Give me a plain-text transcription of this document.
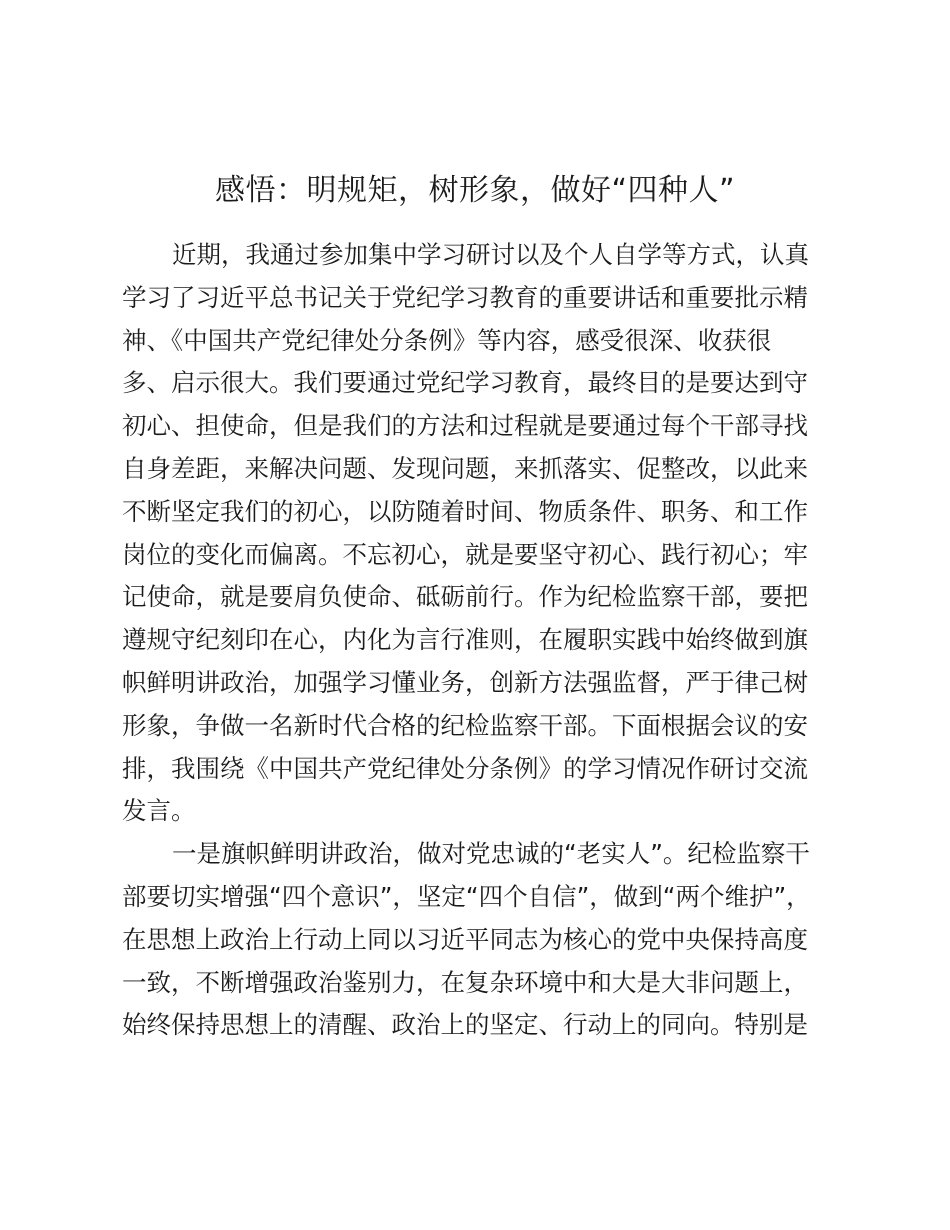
感悟：明规矩，树形象，做好“四种人”
近期，我通过参加集中学习研讨以及个人自学等方式，认真
学习了习近平总书记关于党纪学习教育的重要讲话和重要批示精
神、《中国共产党纪律处分条例》等内容，感受很深、收获很
多、启示很大。我们要通过党纪学习教育，最终目的是要达到守
初心、担使命，但是我们的方法和过程就是要通过每个干部寻找
自身差距，来解决问题、发现问题，来抓落实、促整改，以此来
不断坚定我们的初心，以防随着时间、物质条件、职务、和工作
岗位的变化而偏离。不忘初心，就是要坚守初心、践行初心；牢
记使命，就是要肩负使命、砥砺前行。作为纪检监察干部，要把
遵规守纪刻印在心，内化为言行准则，在履职实践中始终做到旗
帜鲜明讲政治，加强学习懂业务，创新方法强监督，严于律己树
形象，争做一名新时代合格的纪检监察干部。下面根据会议的安
排，我围绕《中国共产党纪律处分条例》的学习情况作研讨交流
发言。
一是旗帜鲜明讲政治，做对党忠诚的“老实人”。纪检监察干
部要切实增强“四个意识”，坚定“四个自信”，做到“两个维护”，
在思想上政治上行动上同以习近平同志为核心的党中央保持高度
一致，不断增强政治鉴别力，在复杂环境中和大是大非问题上，
始终保持思想上的清醒、政治上的坚定、行动上的同向。特别是
